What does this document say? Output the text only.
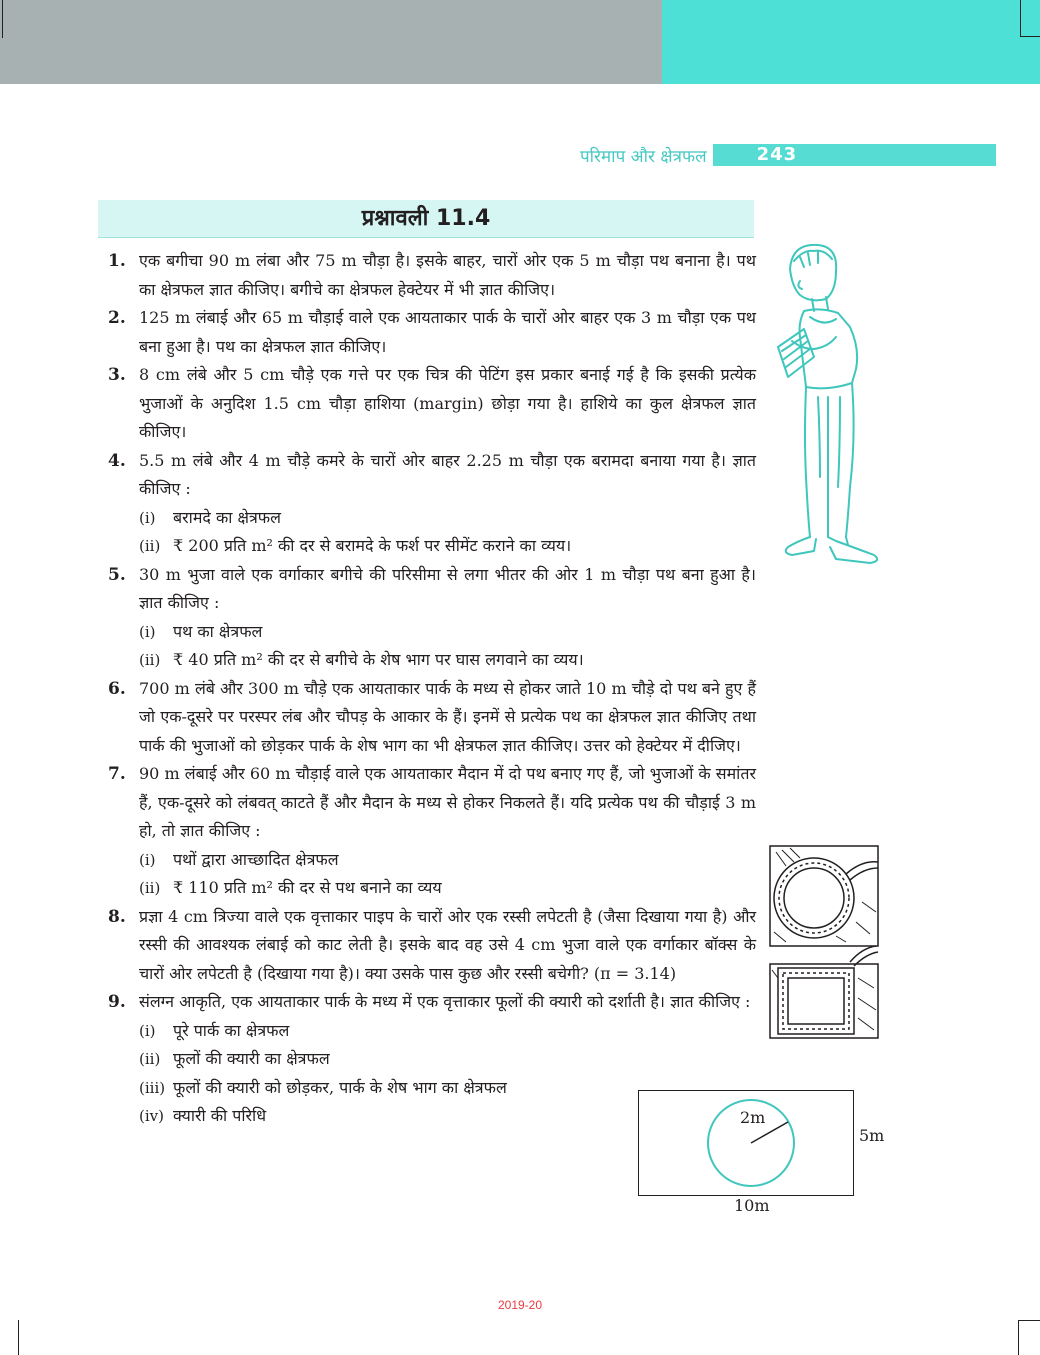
परिमाप और क्षेत्रफल	243
प्रश्नावली 11.4
1. एक बगीचा 90 m लंबा और 75 m चौड़ा है। इसके बाहर, चारों ओर एक 5 m चौड़ा पथ बनाना है। पथ का क्षेत्रफल ज्ञात कीजिए। बगीचे का क्षेत्रफल हेक्टेयर में भी ज्ञात कीजिए।

2. 125 m लंबाई और 65 m चौड़ाई वाले एक आयताकार पार्क के चारों ओर बाहर एक 3 m चौड़ा एक पथ बना हुआ है। पथ का क्षेत्रफल ज्ञात कीजिए।

3. 8 cm लंबे और 5 cm चौड़े एक गत्ते पर एक चित्र की पेटिंग इस प्रकार बनाई गई है कि इसकी प्रत्येक भुजाओं के अनुदिश 1.5 cm चौड़ा हाशिया (margin) छोड़ा गया है। हाशिये का कुल क्षेत्रफल ज्ञात कीजिए।

4. 5.5 m लंबे और 4 m चौड़े कमरे के चारों ओर बाहर 2.25 m चौड़ा एक बरामदा बनाया गया है। ज्ञात कीजिए :

(i) बरामदे का क्षेत्रफल
(ii) ₹ 200 प्रति m² की दर से बरामदे के फर्श पर सीमेंट कराने का व्यय।
5. 30 m भुजा वाले एक वर्गाकार बगीचे की परिसीमा से लगा भीतर की ओर 1 m चौड़ा पथ बना हुआ है। ज्ञात कीजिए :

(i) पथ का क्षेत्रफल
(ii) ₹ 40 प्रति m² की दर से बगीचे के शेष भाग पर घास लगवाने का व्यय।
6. 700 m लंबे और 300 m चौड़े एक आयताकार पार्क के मध्य से होकर जाते 10 m चौड़े दो पथ बने हुए हैं जो एक-दूसरे पर परस्पर लंब और चौपड़ के आकार के हैं। इनमें से प्रत्येक पथ का क्षेत्रफल ज्ञात कीजिए तथा पार्क की भुजाओं को छोड़कर पार्क के शेष भाग का भी क्षेत्रफल ज्ञात कीजिए। उत्तर को हेक्टेयर में दीजिए।

7. 90 m लंबाई और 60 m चौड़ाई वाले एक आयताकार मैदान में दो पथ बनाए गए हैं, जो भुजाओं के समांतर हैं, एक-दूसरे को लंबवत् काटते हैं और मैदान के मध्य से होकर निकलते हैं। यदि प्रत्येक पथ की चौड़ाई 3 m हो, तो ज्ञात कीजिए :

(i) पथों द्वारा आच्छादित क्षेत्रफल
(ii) ₹ 110 प्रति m² की दर से पथ बनाने का व्यय
8. प्रज्ञा 4 cm त्रिज्या वाले एक वृत्ताकार पाइप के चारों ओर एक रस्सी लपेटती है (जैसा दिखाया गया है) और रस्सी की आवश्यक लंबाई को काट लेती है। इसके बाद वह उसे 4 cm भुजा वाले एक वर्गाकार बॉक्स के चारों ओर लपेटती है (दिखाया गया है)। क्या उसके पास कुछ और रस्सी बचेगी? (π = 3.14)

9. संलग्न आकृति, एक आयताकार पार्क के मध्य में एक वृत्ताकार फूलों की क्यारी को दर्शाती है। ज्ञात कीजिए :

(i) पूरे पार्क का क्षेत्रफल
(ii) फूलों की क्यारी का क्षेत्रफल
(iii) फूलों की क्यारी को छोड़कर, पार्क के शेष भाग का क्षेत्रफल
(iv) क्यारी की परिधि	2m
5m
10m
2019-20
